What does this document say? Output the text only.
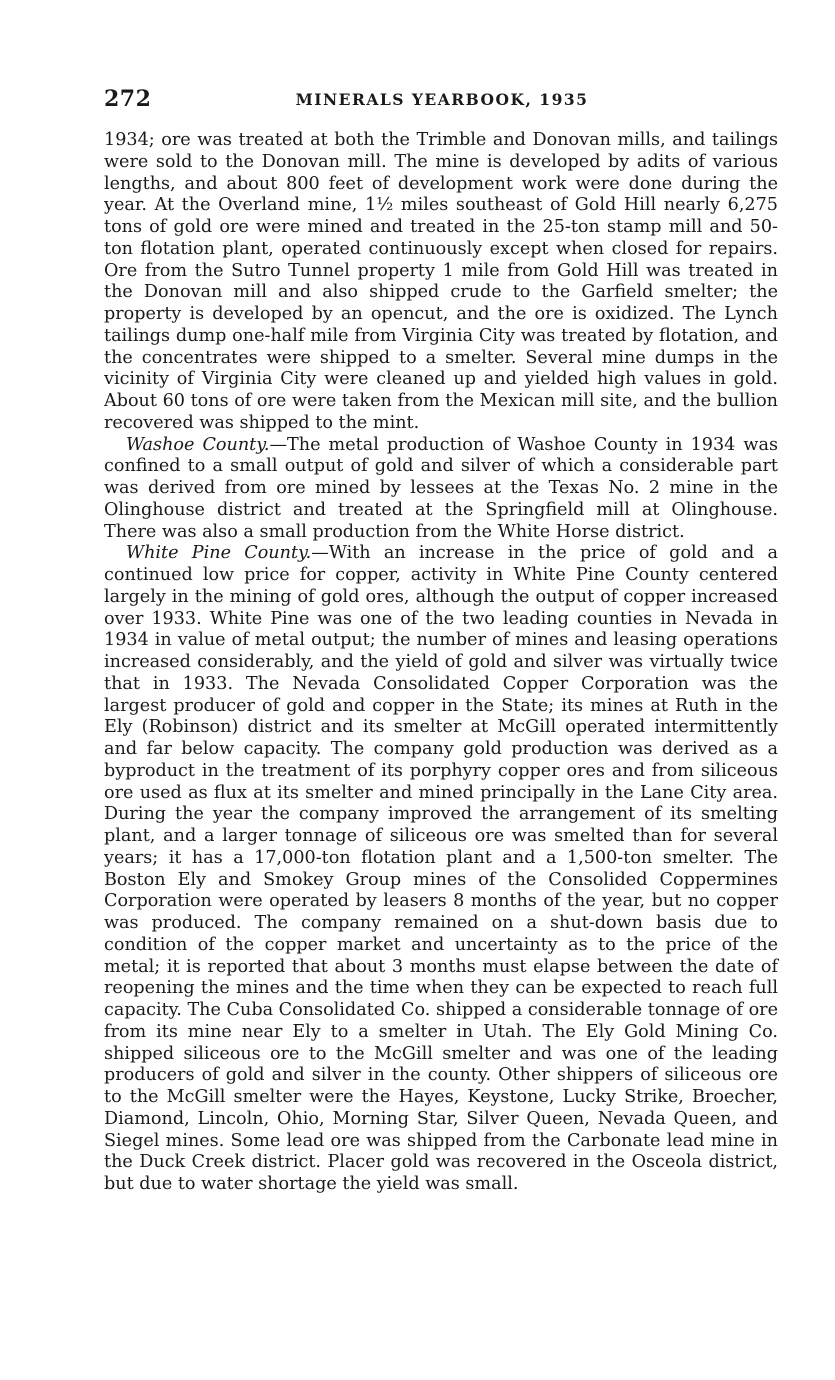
272	MINERALS YEARBOOK, 1935

1934; ore was treated at both the Trimble and Donovan mills, and tailings were sold to the Donovan mill. The mine is developed by adits of various lengths, and about 800 feet of development work were done during the year. At the Overland mine, 1½ miles southeast of Gold Hill nearly 6,275 tons of gold ore were mined and treated in the 25-ton stamp mill and 50-ton flotation plant, operated continuously except when closed for repairs. Ore from the Sutro Tunnel property 1 mile from Gold Hill was treated in the Donovan mill and also shipped crude to the Garfield smelter; the property is developed by an opencut, and the ore is oxidized. The Lynch tailings dump one-half mile from Virginia City was treated by flotation, and the concentrates were shipped to a smelter. Several mine dumps in the vicinity of Virginia City were cleaned up and yielded high values in gold. About 60 tons of ore were taken from the Mexican mill site, and the bullion recovered was shipped to the mint.

Washoe County.—The metal production of Washoe County in 1934 was confined to a small output of gold and silver of which a considerable part was derived from ore mined by lessees at the Texas No. 2 mine in the Olinghouse district and treated at the Springfield mill at Olinghouse. There was also a small production from the White Horse district.

White Pine County.—With an increase in the price of gold and a continued low price for copper, activity in White Pine County centered largely in the mining of gold ores, although the output of copper increased over 1933. White Pine was one of the two leading counties in Nevada in 1934 in value of metal output; the number of mines and leasing operations increased considerably, and the yield of gold and silver was virtually twice that in 1933. The Nevada Consolidated Copper Corporation was the largest producer of gold and copper in the State; its mines at Ruth in the Ely (Robinson) district and its smelter at McGill operated intermittently and far below capacity. The company gold production was derived as a byproduct in the treatment of its porphyry copper ores and from siliceous ore used as flux at its smelter and mined principally in the Lane City area. During the year the company improved the arrangement of its smelting plant, and a larger tonnage of siliceous ore was smelted than for several years; it has a 17,000-ton flotation plant and a 1,500-ton smelter. The Boston Ely and Smokey Group mines of the Consolided Coppermines Corporation were operated by leasers 8 months of the year, but no copper was produced. The company remained on a shut-down basis due to condition of the copper market and uncertainty as to the price of the metal; it is reported that about 3 months must elapse between the date of reopening the mines and the time when they can be expected to reach full capacity. The Cuba Consolidated Co. shipped a considerable tonnage of ore from its mine near Ely to a smelter in Utah. The Ely Gold Mining Co. shipped siliceous ore to the McGill smelter and was one of the leading producers of gold and silver in the county. Other shippers of siliceous ore to the McGill smelter were the Hayes, Keystone, Lucky Strike, Broecher, Diamond, Lincoln, Ohio, Morning Star, Silver Queen, Nevada Queen, and Siegel mines. Some lead ore was shipped from the Carbonate lead mine in the Duck Creek district. Placer gold was recovered in the Osceola district, but due to water shortage the yield was small.
